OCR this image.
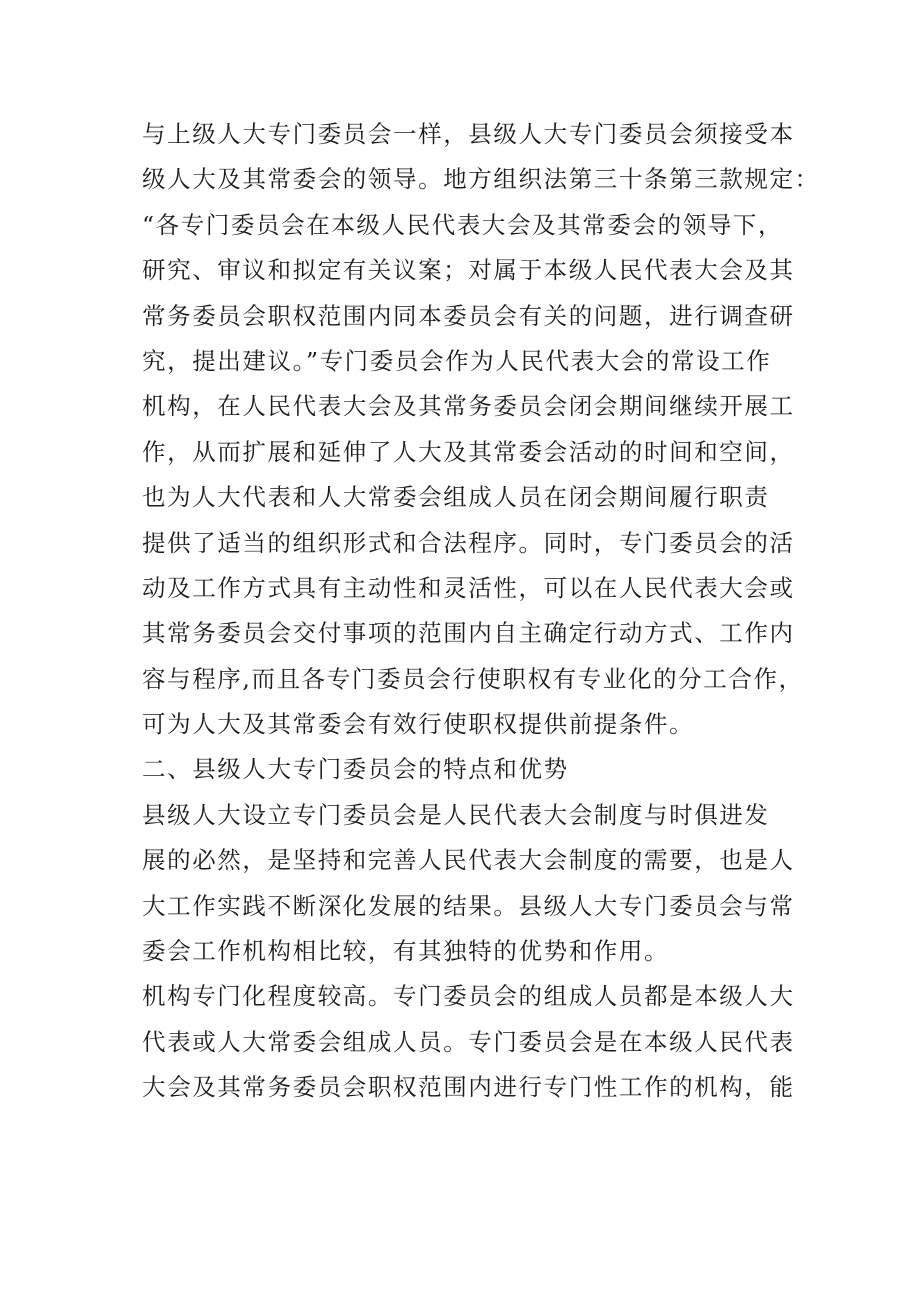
与上级人大专门委员会一样，县级人大专门委员会须接受本
级人大及其常委会的领导。地方组织法第三十条第三款规定：
“各专门委员会在本级人民代表大会及其常委会的领导下，
研究、审议和拟定有关议案；对属于本级人民代表大会及其
常务委员会职权范围内同本委员会有关的问题，进行调查研
究，提出建议。”专门委员会作为人民代表大会的常设工作
机构，在人民代表大会及其常务委员会闭会期间继续开展工
作，从而扩展和延伸了人大及其常委会活动的时间和空间，
也为人大代表和人大常委会组成人员在闭会期间履行职责
提供了适当的组织形式和合法程序。同时，专门委员会的活
动及工作方式具有主动性和灵活性，可以在人民代表大会或
其常务委员会交付事项的范围内自主确定行动方式、工作内
容与程序,而且各专门委员会行使职权有专业化的分工合作，
可为人大及其常委会有效行使职权提供前提条件。
二、县级人大专门委员会的特点和优势
县级人大设立专门委员会是人民代表大会制度与时俱进发
展的必然，是坚持和完善人民代表大会制度的需要，也是人
大工作实践不断深化发展的结果。县级人大专门委员会与常
委会工作机构相比较，有其独特的优势和作用。
机构专门化程度较高。专门委员会的组成人员都是本级人大
代表或人大常委会组成人员。专门委员会是在本级人民代表
大会及其常务委员会职权范围内进行专门性工作的机构，能
